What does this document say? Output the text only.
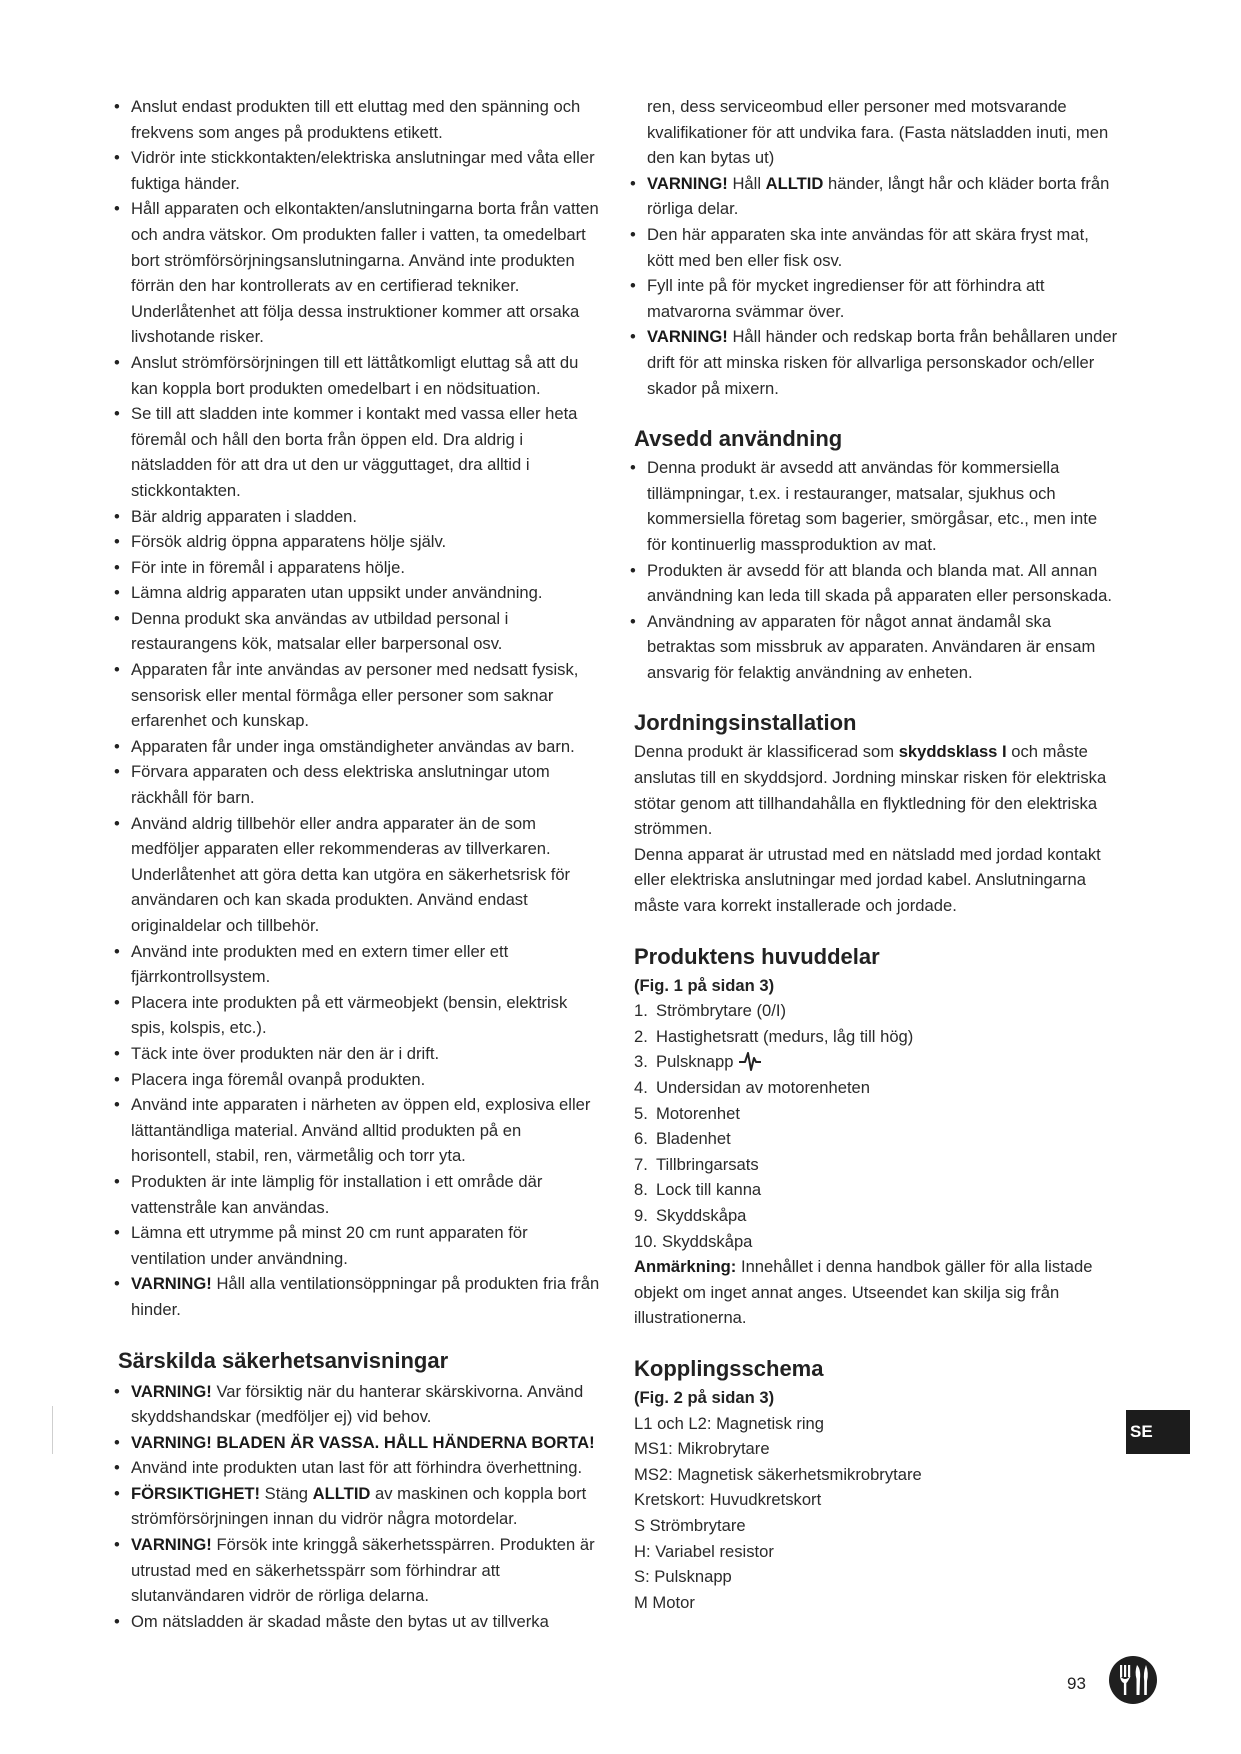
• Anslut endast produkten till ett eluttag med den spänning och frekvens som anges på produktens etikett.
• Vidrör inte stickkontakten/elektriska anslutningar med våta eller fuktiga händer.
• Håll apparaten och elkontakten/anslutningarna borta från vatten och andra vätskor. Om produkten faller i vatten, ta omedelbart bort strömförsörjningsanslutningarna. Använd inte produkten förrän den har kontrollerats av en certifierad tekniker. Underlåtenhet att följa dessa instruktioner kommer att orsaka livshotande risker.
• Anslut strömförsörjningen till ett lättåtkomligt eluttag så att du kan koppla bort produkten omedelbart i en nödsituation.
• Se till att sladden inte kommer i kontakt med vassa eller heta föremål och håll den borta från öppen eld. Dra aldrig i nätsladden för att dra ut den ur vägguttaget, dra alltid i stickkontakten.
• Bär aldrig apparaten i sladden.
• Försök aldrig öppna apparatens hölje själv.
• För inte in föremål i apparatens hölje.
• Lämna aldrig apparaten utan uppsikt under användning.
• Denna produkt ska användas av utbildad personal i restaurangens kök, matsalar eller barpersonal osv.
• Apparaten får inte användas av personer med nedsatt fysisk, sensorisk eller mental förmåga eller personer som saknar erfarenhet och kunskap.
• Apparaten får under inga omständigheter användas av barn.
• Förvara apparaten och dess elektriska anslutningar utom räckhåll för barn.
• Använd aldrig tillbehör eller andra apparater än de som medföljer apparaten eller rekommenderas av tillverkaren. Underlåtenhet att göra detta kan utgöra en säkerhetsrisk för användaren och kan skada produkten. Använd endast originaldelar och tillbehör.
• Använd inte produkten med en extern timer eller ett fjärrkontrollsystem.
• Placera inte produkten på ett värmeobjekt (bensin, elektrisk spis, kolspis, etc.).
• Täck inte över produkten när den är i drift.
• Placera inga föremål ovanpå produkten.
• Använd inte apparaten i närheten av öppen eld, explosiva eller lättantändliga material. Använd alltid produkten på en horisontell, stabil, ren, värmetålig och torr yta.
• Produkten är inte lämplig för installation i ett område där vattenstråle kan användas.
• Lämna ett utrymme på minst 20 cm runt apparaten för ventilation under användning.
• VARNING! Håll alla ventilationsöppningar på produkten fria från hinder.
Särskilda säkerhetsanvisningar
• VARNING! Var försiktig när du hanterar skärskivorna. Använd skyddshandskar (medföljer ej) vid behov.
• VARNING! BLADEN ÄR VASSA. HÅLL HÄNDERNA BORTA!
• Använd inte produkten utan last för att förhindra överhettning.
• FÖRSIKTIGHET! Stäng ALLTID av maskinen och koppla bort strömförsörjningen innan du vidrör några motordelar.
• VARNING! Försök inte kringgå säkerhetsspärren. Produkten är utrustad med en säkerhetsspärr som förhindrar att slutanvändaren vidrör de rörliga delarna.
• Om nätsladden är skadad måste den bytas ut av tillverka

ren, dess serviceombud eller personer med motsvarande kvalifikationer för att undvika fara. (Fasta nätsladden inuti, men den kan bytas ut)

• VARNING! Håll ALLTID händer, långt hår och kläder borta från rörliga delar.
• Den här apparaten ska inte användas för att skära fryst mat, kött med ben eller fisk osv.
• Fyll inte på för mycket ingredienser för att förhindra att matvarorna svämmar över.
• VARNING! Håll händer och redskap borta från behållaren under drift för att minska risken för allvarliga personskador och/eller skador på mixern.
Avsedd användning
• Denna produkt är avsedd att användas för kommersiella tillämpningar, t.ex. i restauranger, matsalar, sjukhus och kommersiella företag som bagerier, smörgåsar, etc., men inte för kontinuerlig massproduktion av mat.
• Produkten är avsedd för att blanda och blanda mat. All annan användning kan leda till skada på apparaten eller personskada.
• Användning av apparaten för något annat ändamål ska betraktas som missbruk av apparaten. Användaren är ensam ansvarig för felaktig användning av enheten.
Jordningsinstallation

Denna produkt är klassificerad som skyddsklass I och måste anslutas till en skyddsjord. Jordning minskar risken för elektriska stötar genom att tillhandahålla en flyktledning för den elektriska strömmen.

Denna apparat är utrustad med en nätsladd med jordad kontakt eller elektriska anslutningar med jordad kabel. Anslutningarna måste vara korrekt installerade och jordade.

Produktens huvuddelar
(Fig. 1 på sidan 3)
1. Strömbrytare (0/I)
2. Hastighetsratt (medurs, låg till hög)
3. Pulsknapp
4. Undersidan av motorenheten
5. Motorenhet
6. Bladenhet
7. Tillbringarsats
8. Lock till kanna
9. Skyddskåpa
10. Skyddskåpa

Anmärkning: Innehållet i denna handbok gäller för alla listade objekt om inget annat anges. Utseendet kan skilja sig från illustrationerna.

Kopplingsschema
(Fig. 2 på sidan 3)
L1 och L2: Magnetisk ring
MS1: Mikrobrytare
MS2: Magnetisk säkerhetsmikrobrytare
Kretskort: Huvudkretskort
S Strömbrytare
H: Variabel resistor
S: Pulsknapp
M Motor
SE
93
